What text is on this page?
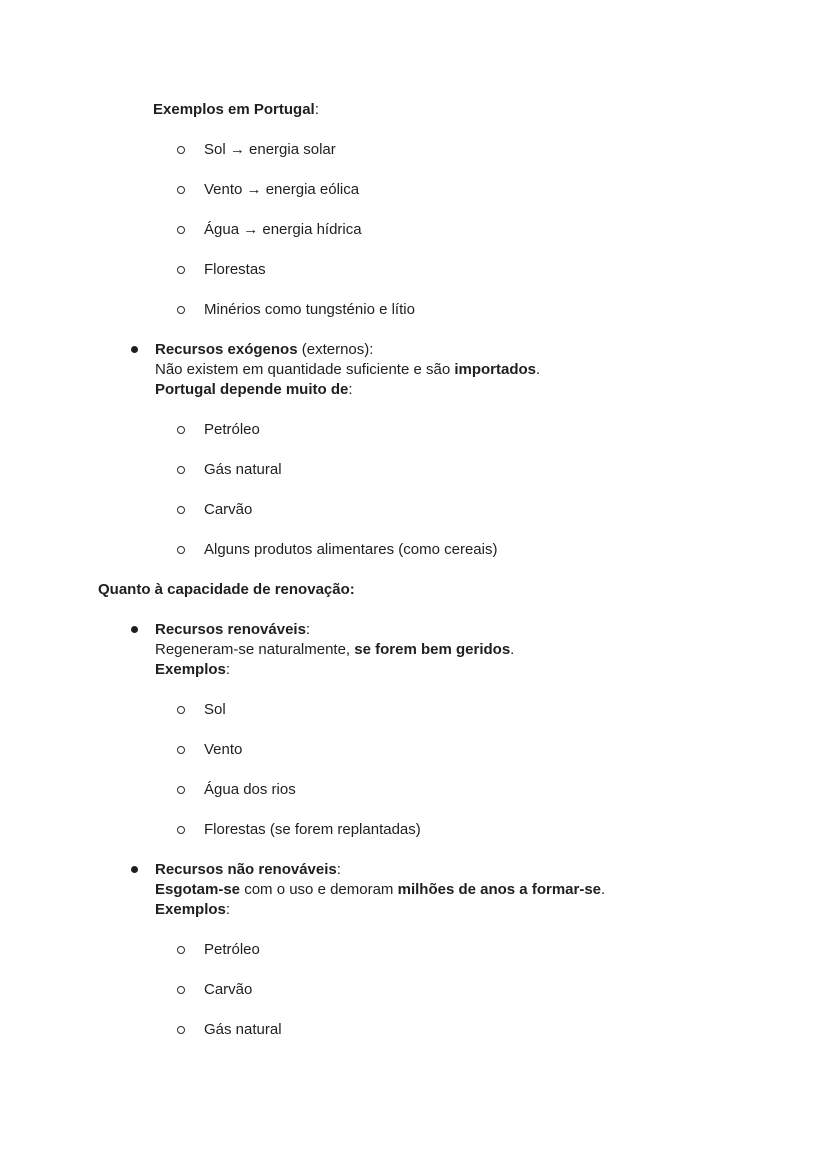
Exemplos em Portugal:
Sol → energia solar
Vento → energia eólica
Água → energia hídrica
Florestas
Minérios como tungsténio e lítio
Recursos exógenos (externos):
Não existem em quantidade suficiente e são importados.
Portugal depende muito de:
Petróleo
Gás natural
Carvão
Alguns produtos alimentares (como cereais)
Quanto à capacidade de renovação:
Recursos renováveis:
Regeneram-se naturalmente, se forem bem geridos.
Exemplos:
Sol
Vento
Água dos rios
Florestas (se forem replantadas)
Recursos não renováveis:
Esgotam-se com o uso e demoram milhões de anos a formar-se.
Exemplos:
Petróleo
Carvão
Gás natural
